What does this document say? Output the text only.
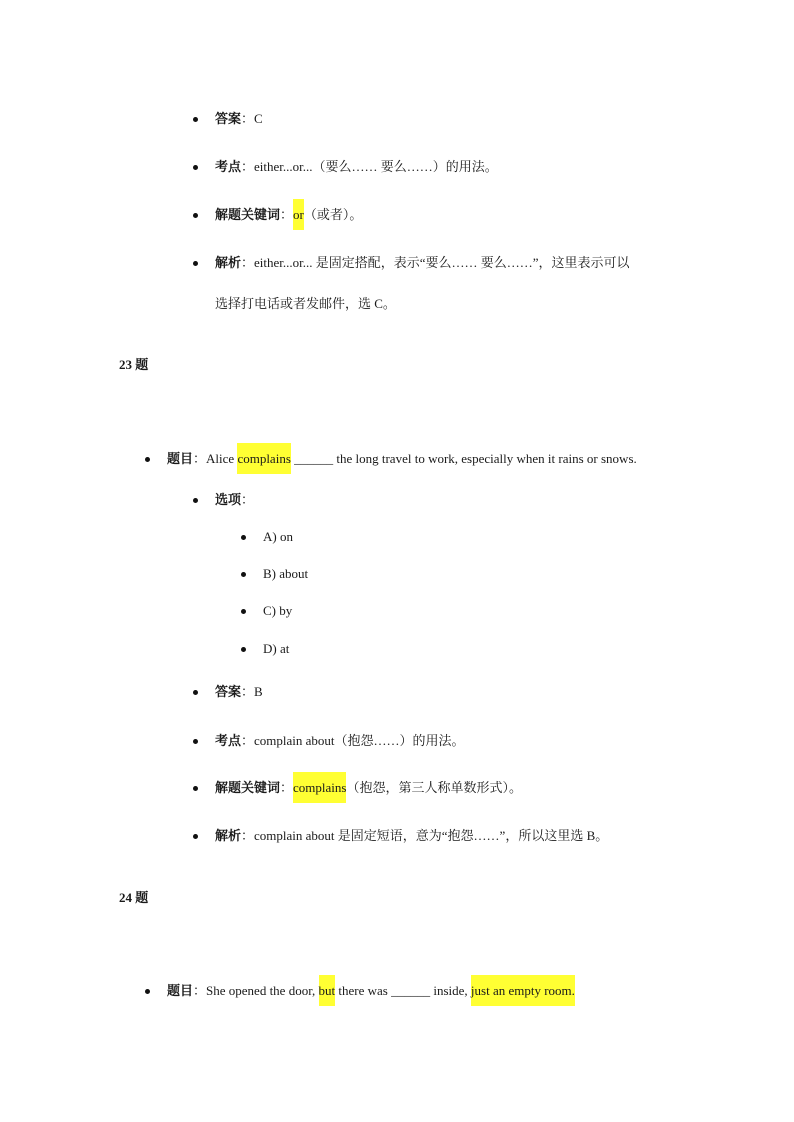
答案：C
考点：either...or...（要么…… 要么……）的用法。
解题关键词：or（或者）。
解析：either...or... 是固定搭配，表示“要么…… 要么……”，这里表示可以
选择打电话或者发邮件，选 C。
23 题
题目：Alice complains ______ the long travel to work, especially when it rains or snows.
选项：
A) on
B) about
C) by
D) at
答案：B
考点：complain about（抱怨……）的用法。
解题关键词：complains（抱怨，第三人称单数形式）。
解析：complain about 是固定短语，意为“抱怨……”，所以这里选 B。
24 题
题目：She opened the door, but there was ______ inside, just an empty room.
